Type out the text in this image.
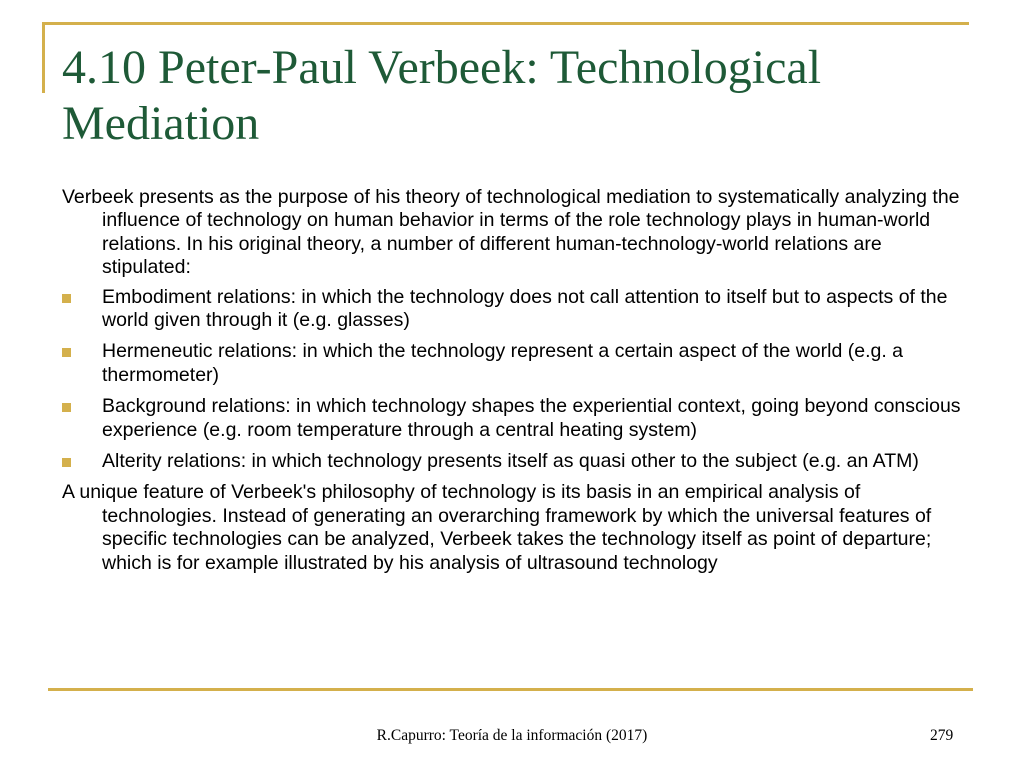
4.10 Peter-Paul Verbeek: Technological Mediation

Verbeek presents as the purpose of his theory of technological mediation to systematically analyzing the influence of technology on human behavior in terms of the role technology plays in human-world relations. In his original theory, a number of different human-technology-world relations are stipulated:

Embodiment relations: in which the technology does not call attention to itself but to aspects of the world given through it (e.g. glasses)
Hermeneutic relations: in which the technology represent a certain aspect of the world (e.g. a thermometer)
Background relations: in which technology shapes the experiential context, going beyond conscious experience (e.g. room temperature through a central heating system)
Alterity relations: in which technology presents itself as quasi other to the subject (e.g. an ATM)

A unique feature of Verbeek's philosophy of technology is its basis in an empirical analysis of technologies. Instead of generating an overarching framework by which the universal features of specific technologies can be analyzed, Verbeek takes the technology itself as point of departure; which is for example illustrated by his analysis of ultrasound technology

R.Capurro: Teoría de la información (2017)	279
